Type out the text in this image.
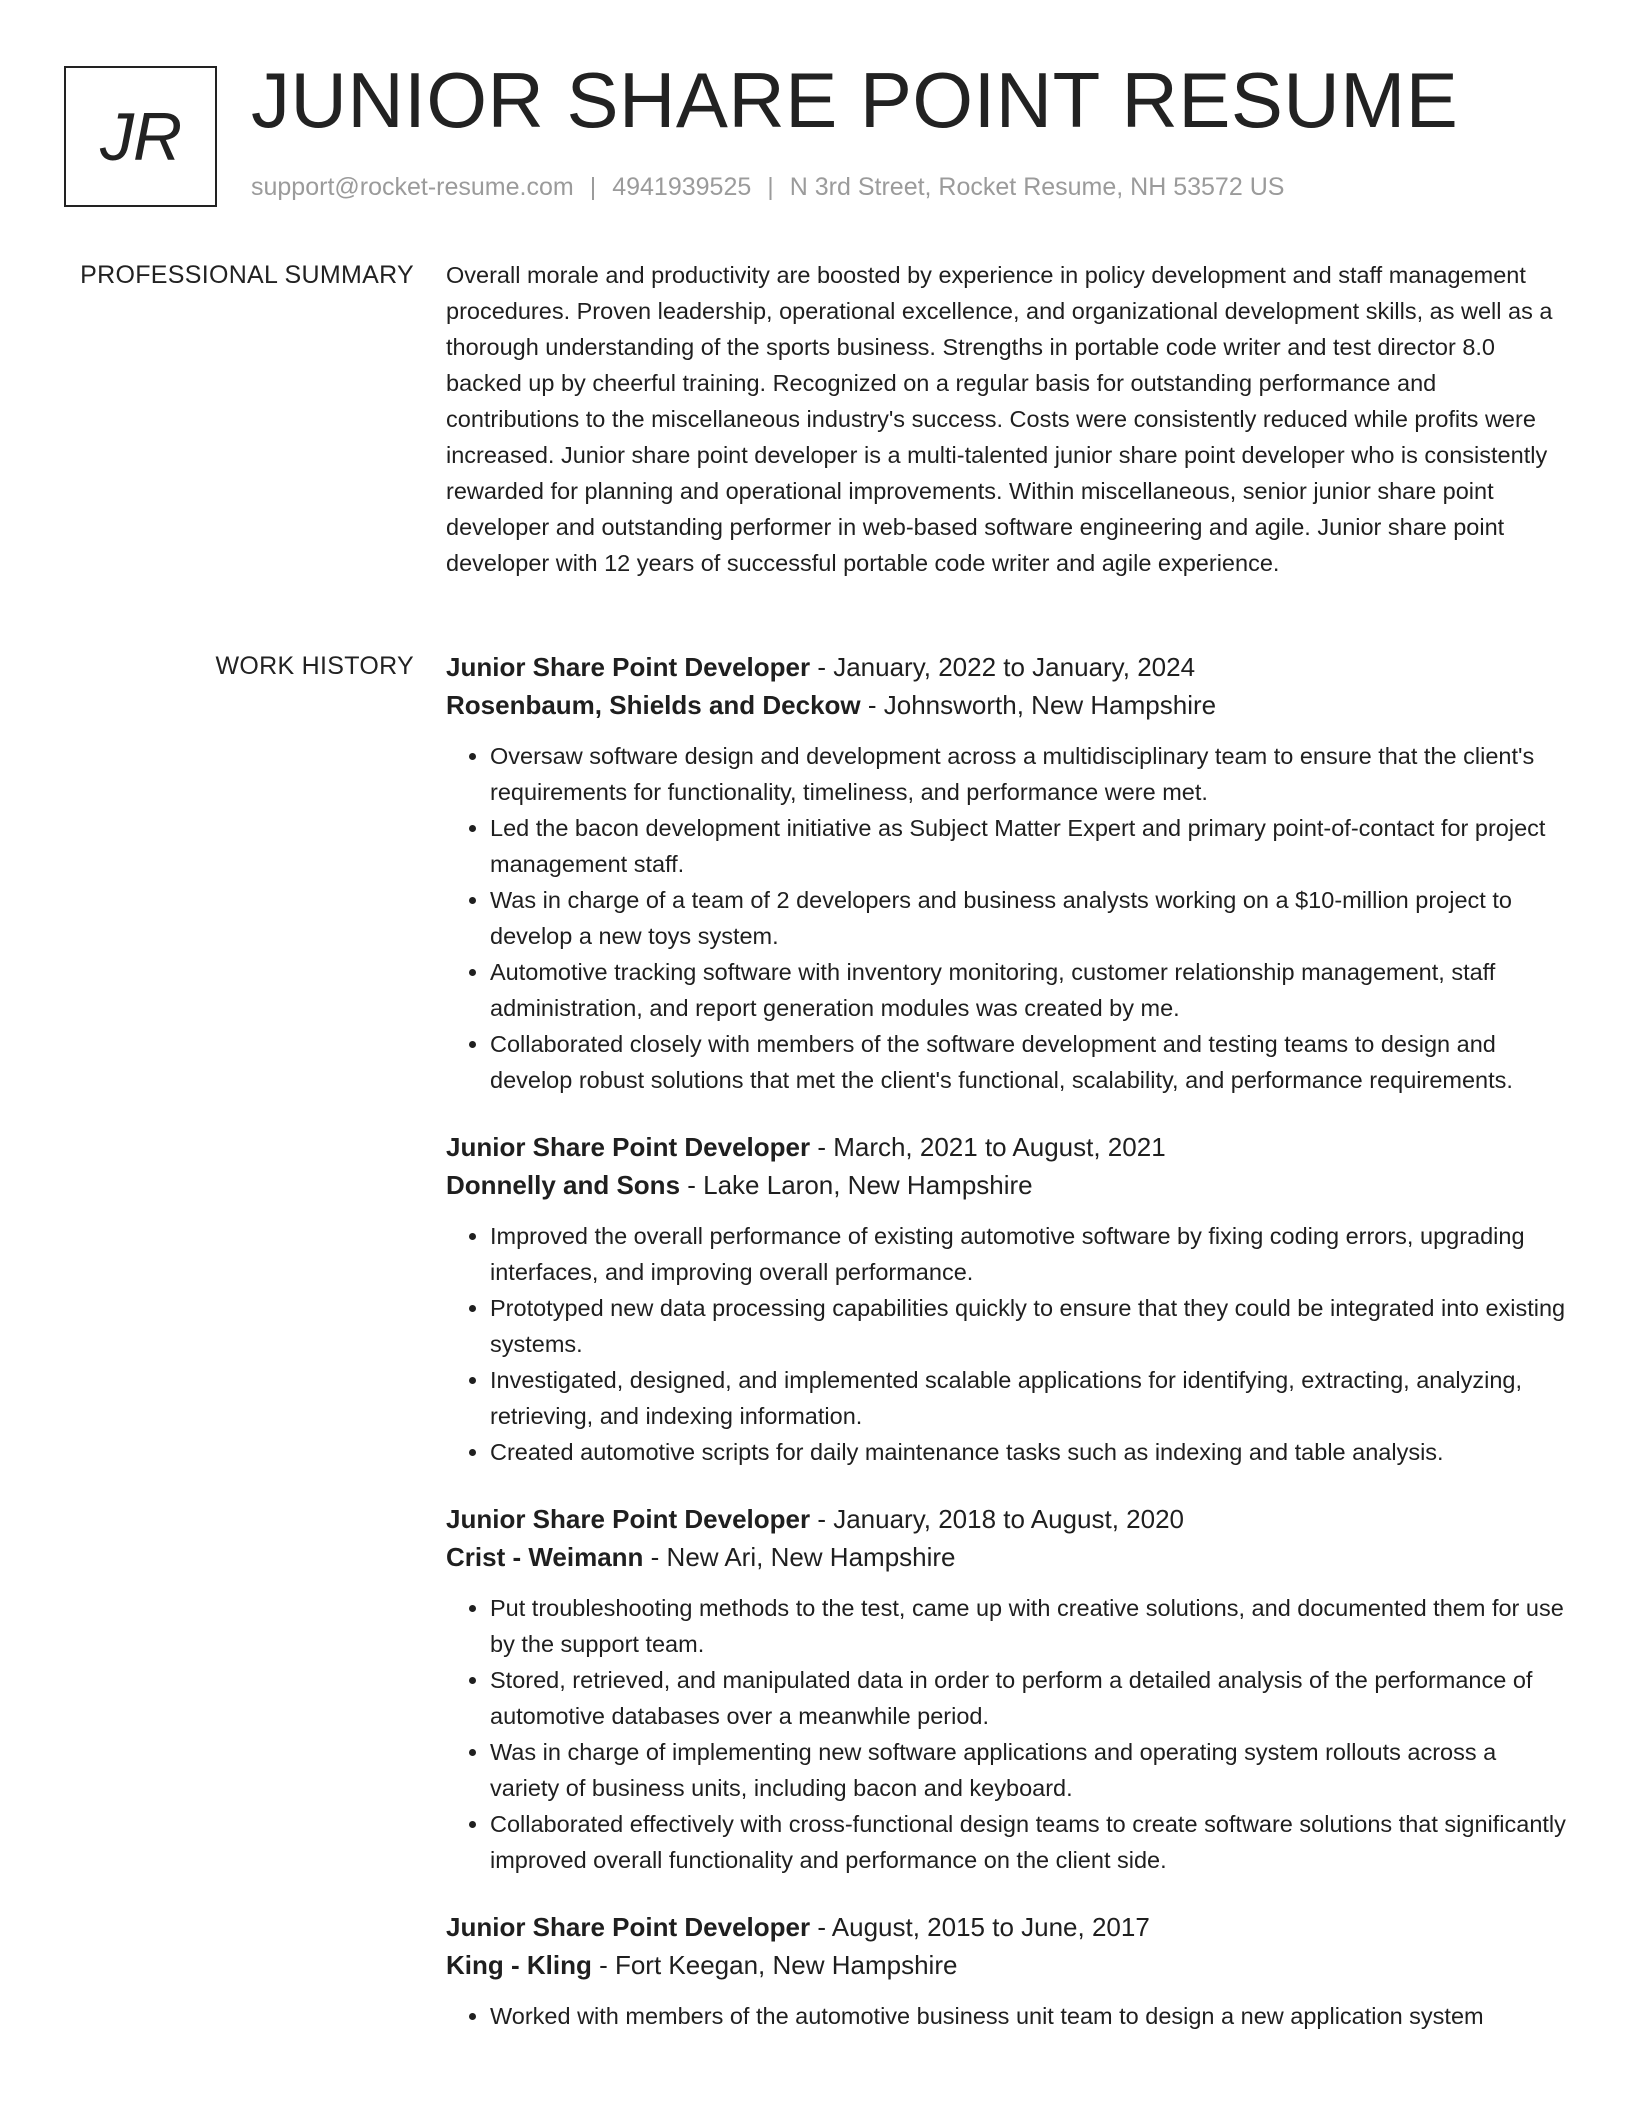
JR JUNIOR SHARE POINT RESUME
support@rocket-resume.com | 4941939525 | N 3rd Street, Rocket Resume, NH 53572 US
PROFESSIONAL SUMMARY Overall morale and productivity are boosted by experience in policy development and staff management procedures. Proven leadership, operational excellence, and organizational development skills, as well as a thorough understanding of the sports business. Strengths in portable code writer and test director 8.0 backed up by cheerful training. Recognized on a regular basis for outstanding performance and contributions to the miscellaneous industry's success. Costs were consistently reduced while profits were increased. Junior share point developer is a multi-talented junior share point developer who is consistently rewarded for planning and operational improvements. Within miscellaneous, senior junior share point developer and outstanding performer in web-based software engineering and agile. Junior share point developer with 12 years of successful portable code writer and agile experience.
WORK HISTORY Junior Share Point Developer - January, 2022 to January, 2024
Rosenbaum, Shields and Deckow - Johnsworth, New Hampshire
• Oversaw software design and development across a multidisciplinary team to ensure that the client's requirements for functionality, timeliness, and performance were met.
• Led the bacon development initiative as Subject Matter Expert and primary point-of-contact for project management staff.
• Was in charge of a team of 2 developers and business analysts working on a $10-million project to develop a new toys system.
• Automotive tracking software with inventory monitoring, customer relationship management, staff administration, and report generation modules was created by me.
• Collaborated closely with members of the software development and testing teams to design and develop robust solutions that met the client's functional, scalability, and performance requirements.
Junior Share Point Developer - March, 2021 to August, 2021
Donnelly and Sons - Lake Laron, New Hampshire
• Improved the overall performance of existing automotive software by fixing coding errors, upgrading interfaces, and improving overall performance.
• Prototyped new data processing capabilities quickly to ensure that they could be integrated into existing systems.
• Investigated, designed, and implemented scalable applications for identifying, extracting, analyzing, retrieving, and indexing information.
• Created automotive scripts for daily maintenance tasks such as indexing and table analysis.
Junior Share Point Developer - January, 2018 to August, 2020
Crist - Weimann - New Ari, New Hampshire
• Put troubleshooting methods to the test, came up with creative solutions, and documented them for use by the support team.
• Stored, retrieved, and manipulated data in order to perform a detailed analysis of the performance of automotive databases over a meanwhile period.
• Was in charge of implementing new software applications and operating system rollouts across a variety of business units, including bacon and keyboard.
• Collaborated effectively with cross-functional design teams to create software solutions that significantly improved overall functionality and performance on the client side.
Junior Share Point Developer - August, 2015 to June, 2017
King - Kling - Fort Keegan, New Hampshire
• Worked with members of the automotive business unit team to design a new application system
